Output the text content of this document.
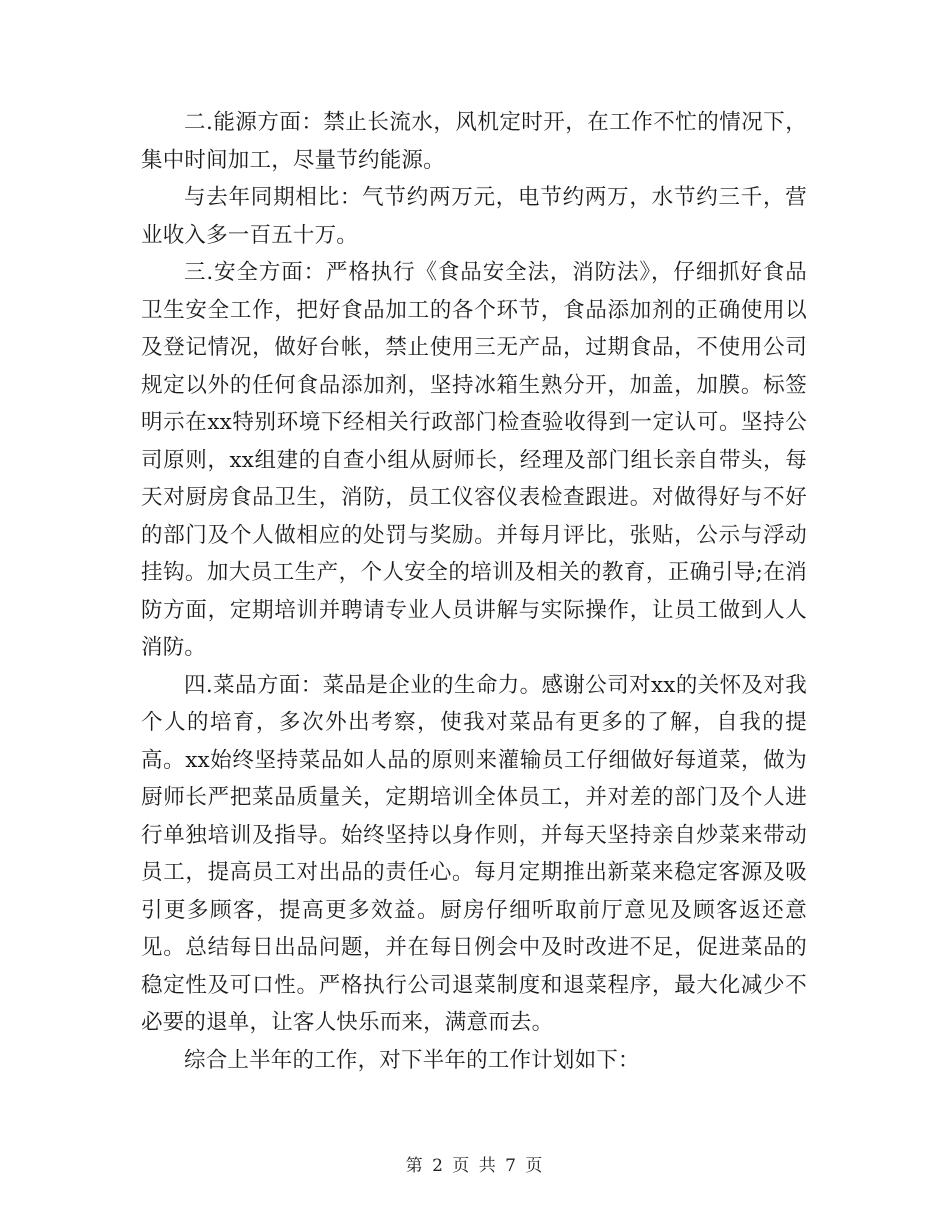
二.能源方面：禁止长流水，风机定时开，在工作不忙的情况下，集中时间加工，尽量节约能源。

与去年同期相比：气节约两万元，电节约两万，水节约三千，营业收入多一百五十万。

三.安全方面：严格执行《食品安全法，消防法》，仔细抓好食品卫生安全工作，把好食品加工的各个环节，食品添加剂的正确使用以及登记情况，做好台帐，禁止使用三无产品，过期食品，不使用公司规定以外的任何食品添加剂，坚持冰箱生熟分开，加盖，加膜。标签明示在xx特别环境下经相关行政部门检查验收得到一定认可。坚持公司原则，xx组建的自查小组从厨师长，经理及部门组长亲自带头，每天对厨房食品卫生，消防，员工仪容仪表检查跟进。对做得好与不好的部门及个人做相应的处罚与奖励。并每月评比，张贴，公示与浮动挂钩。加大员工生产，个人安全的培训及相关的教育，正确引导;在消防方面，定期培训并聘请专业人员讲解与实际操作，让员工做到人人消防。

四.菜品方面：菜品是企业的生命力。感谢公司对xx的关怀及对我个人的培育，多次外出考察，使我对菜品有更多的了解，自我的提高。xx始终坚持菜品如人品的原则来灌输员工仔细做好每道菜，做为厨师长严把菜品质量关，定期培训全体员工，并对差的部门及个人进行单独培训及指导。始终坚持以身作则，并每天坚持亲自炒菜来带动员工，提高员工对出品的责任心。每月定期推出新菜来稳定客源及吸引更多顾客，提高更多效益。厨房仔细听取前厅意见及顾客返还意见。总结每日出品问题，并在每日例会中及时改进不足，促进菜品的稳定性及可口性。严格执行公司退菜制度和退菜程序，最大化减少不必要的退单，让客人快乐而来，满意而去。

综合上半年的工作，对下半年的工作计划如下：

第 2 页 共 7 页
